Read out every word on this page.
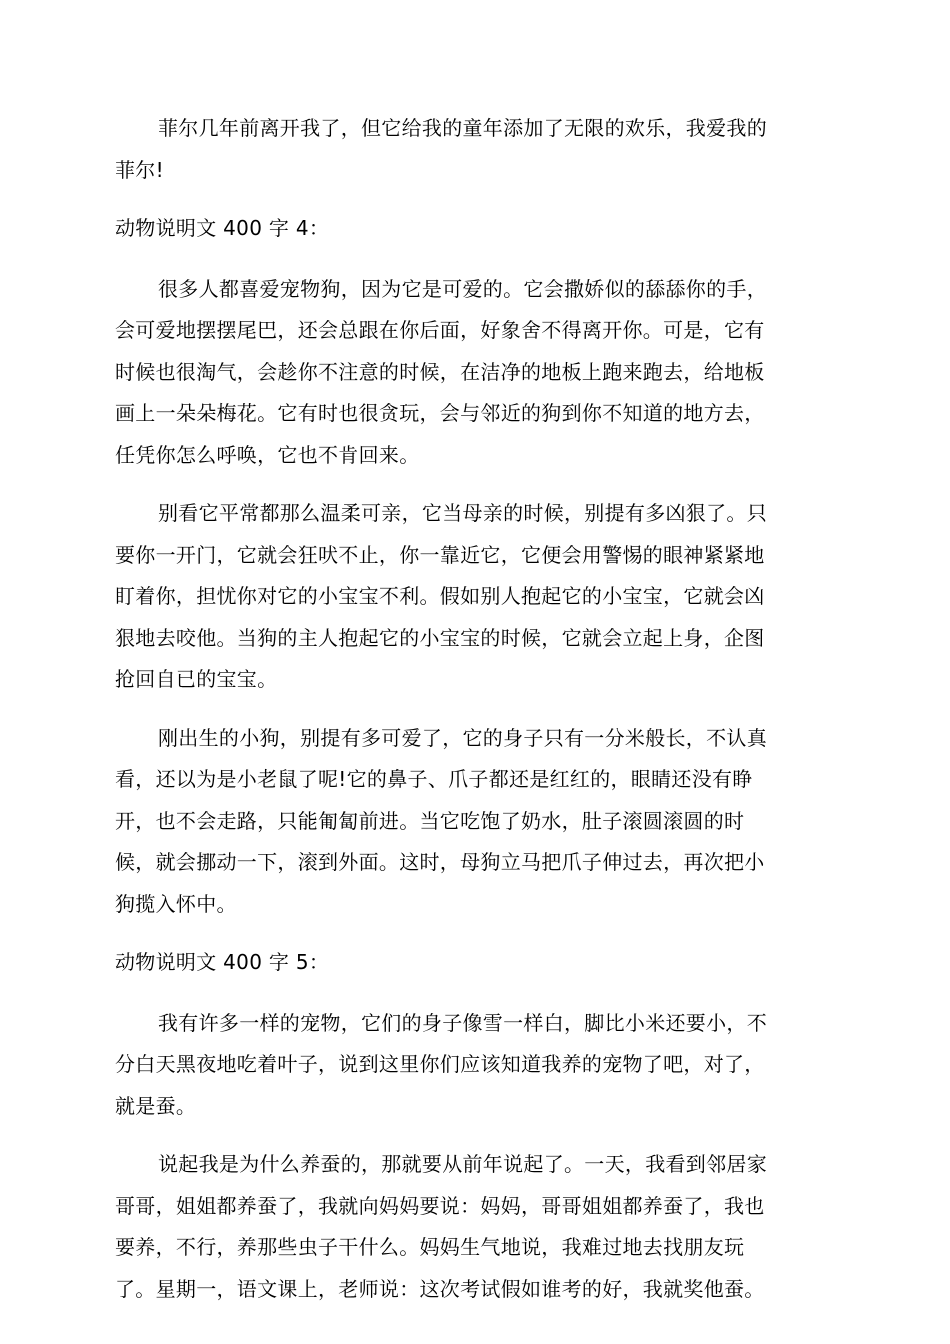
菲尔几年前离开我了，但它给我的童年添加了无限的欢乐，我爱我的
菲尔!

动物说明文 400 字 4：

很多人都喜爱宠物狗，因为它是可爱的。它会撒娇似的舔舔你的手，
会可爱地摆摆尾巴，还会总跟在你后面，好象舍不得离开你。可是，它有
时候也很淘气，会趁你不注意的时候，在洁净的地板上跑来跑去，给地板
画上一朵朵梅花。它有时也很贪玩，会与邻近的狗到你不知道的地方去，
任凭你怎么呼唤，它也不肯回来。

别看它平常都那么温柔可亲，它当母亲的时候，别提有多凶狠了。只
要你一开门，它就会狂吠不止，你一靠近它，它便会用警惕的眼神紧紧地
盯着你，担忧你对它的小宝宝不利。假如别人抱起它的小宝宝，它就会凶
狠地去咬他。当狗的主人抱起它的小宝宝的时候，它就会立起上身，企图
抢回自已的宝宝。

刚出生的小狗，别提有多可爱了，它的身子只有一分米般长，不认真
看，还以为是小老鼠了呢!它的鼻子、爪子都还是红红的，眼睛还没有睁
开，也不会走路，只能匍匐前进。当它吃饱了奶水，肚子滚圆滚圆的时
候，就会挪动一下，滚到外面。这时，母狗立马把爪子伸过去，再次把小
狗揽入怀中。

动物说明文 400 字 5：

我有许多一样的宠物，它们的身子像雪一样白，脚比小米还要小，不
分白天黑夜地吃着叶子，说到这里你们应该知道我养的宠物了吧，对了，
就是蚕。

说起我是为什么养蚕的，那就要从前年说起了。一天，我看到邻居家
哥哥，姐姐都养蚕了，我就向妈妈要说：妈妈，哥哥姐姐都养蚕了，我也
要养，不行，养那些虫子干什么。妈妈生气地说，我难过地去找朋友玩
了。星期一，语文课上，老师说：这次考试假如谁考的好，我就奖他蚕。
